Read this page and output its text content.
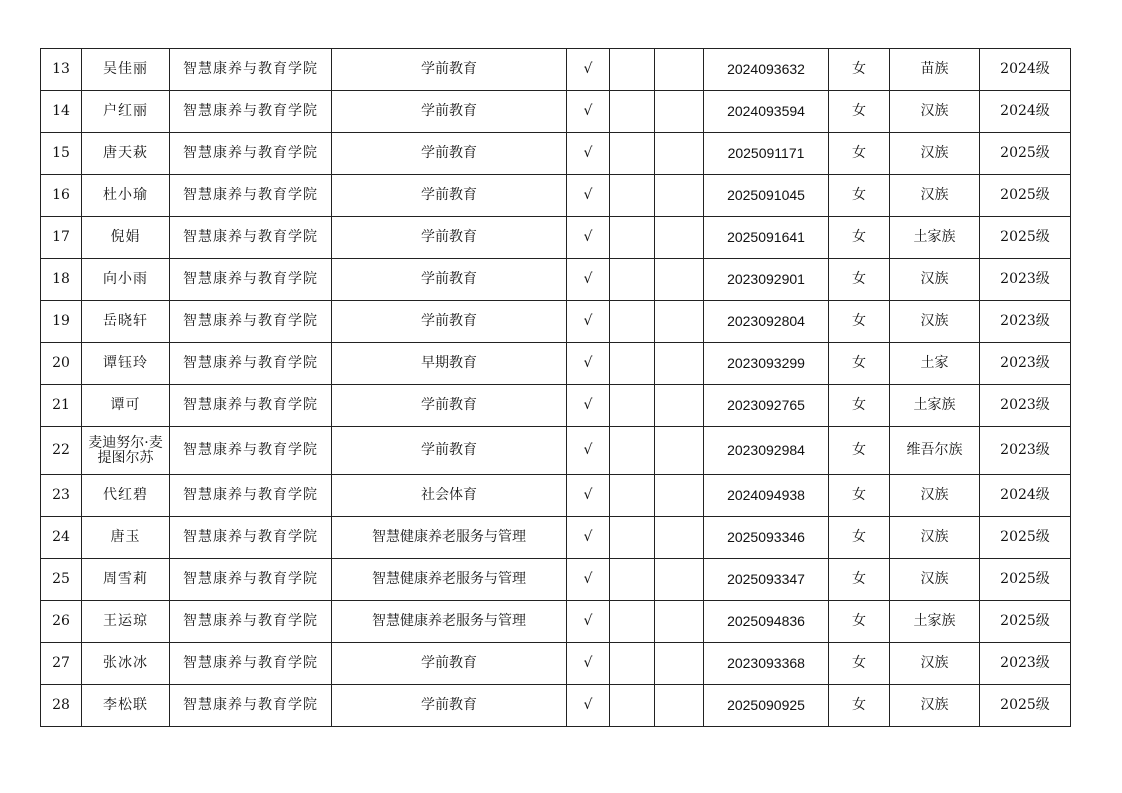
13	吴佳丽	智慧康养与教育学院	学前教育	√			2024093632	女	苗族	2024级
14	户红丽	智慧康养与教育学院	学前教育	√			2024093594	女	汉族	2024级
15	唐天萩	智慧康养与教育学院	学前教育	√			2025091171	女	汉族	2025级
16	杜小瑜	智慧康养与教育学院	学前教育	√			2025091045	女	汉族	2025级
17	倪娟	智慧康养与教育学院	学前教育	√			2025091641	女	土家族	2025级
18	向小雨	智慧康养与教育学院	学前教育	√			2023092901	女	汉族	2023级
19	岳晓轩	智慧康养与教育学院	学前教育	√			2023092804	女	汉族	2023级
20	谭钰玲	智慧康养与教育学院	早期教育	√			2023093299	女	土家	2023级
21	谭可	智慧康养与教育学院	学前教育	√			2023092765	女	土家族	2023级
22	麦迪努尔·麦提图尔苏	智慧康养与教育学院	学前教育	√			2023092984	女	维吾尔族	2023级
23	代红碧	智慧康养与教育学院	社会体育	√			2024094938	女	汉族	2024级
24	唐玉	智慧康养与教育学院	智慧健康养老服务与管理	√			2025093346	女	汉族	2025级
25	周雪莉	智慧康养与教育学院	智慧健康养老服务与管理	√			2025093347	女	汉族	2025级
26	王运琼	智慧康养与教育学院	智慧健康养老服务与管理	√			2025094836	女	土家族	2025级
27	张冰冰	智慧康养与教育学院	学前教育	√			2023093368	女	汉族	2023级
28	李松联	智慧康养与教育学院	学前教育	√			2025090925	女	汉族	2025级
